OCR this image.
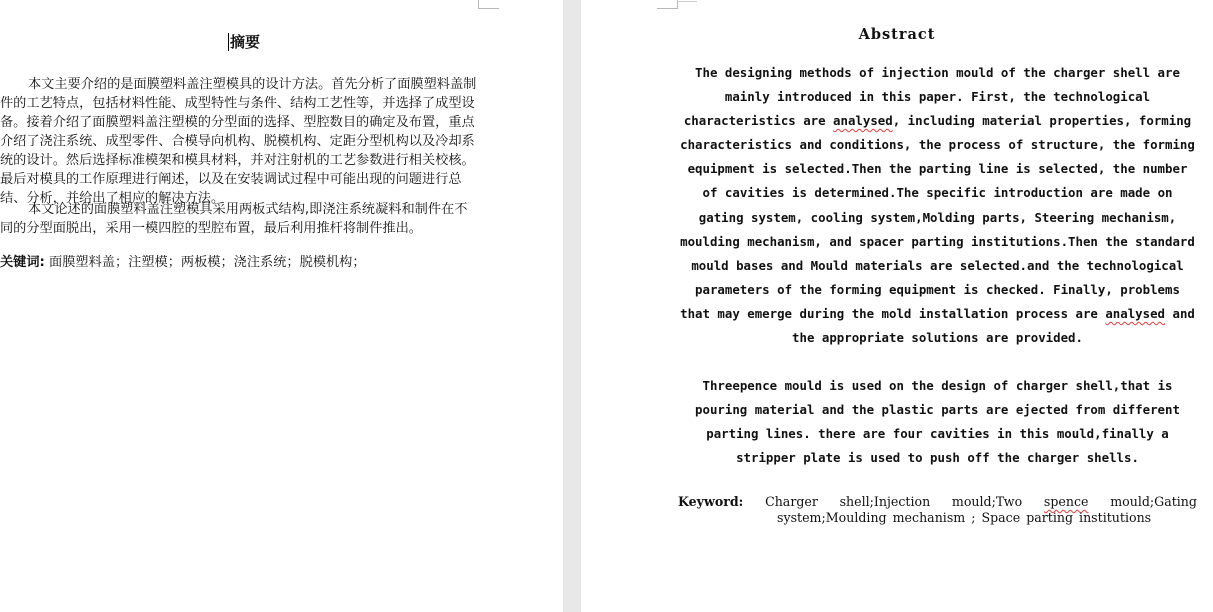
摘要

本文主要介绍的是面膜塑料盖注塑模具的设计方法。首先分析了面膜塑料盖制件的工艺特点，包括材料性能、成型特性与条件、结构工艺性等，并选择了成型设备。接着介绍了面膜塑料盖注塑模的分型面的选择、型腔数目的确定及布置，重点介绍了浇注系统、成型零件、合模导向机构、脱模机构、定距分型机构以及冷却系统的设计。然后选择标准模架和模具材料，并对注射机的工艺参数进行相关校核。最后对模具的工作原理进行阐述，以及在安装调试过程中可能出现的问题进行总结、分析，并给出了相应的解决方法。

本文论述的面膜塑料盖注塑模具采用两板式结构,即浇注系统凝料和制件在不同的分型面脱出，采用一模四腔的型腔布置，最后利用推杆将制件推出。

关键词: 面膜塑料盖；注塑模；两板模；浇注系统；脱模机构；

Abstract

The designing methods of injection mould of the charger shell are mainly introduced in this paper. First, the technological characteristics are analysed, including material properties, forming characteristics and conditions, the process of structure, the forming equipment is selected.Then the parting line is selected, the number of cavities is determined.The specific introduction are made on gating system, cooling system,Molding parts, Steering mechanism, moulding mechanism, and spacer parting institutions.Then the standard mould bases and Mould materials are selected.and the technological parameters of the forming equipment is checked. Finally, problems that may emerge during the mold installation process are analysed and the appropriate solutions are provided.

Threepence mould is used on the design of charger shell,that is pouring material and the plastic parts are ejected from different parting lines. there are four cavities in this mould,finally a stripper plate is used to push off the charger shells.

Keyword: Charger shell;Injection mould;Two spence mould;Gating

system;Moulding mechanism ; Space parting institutions
